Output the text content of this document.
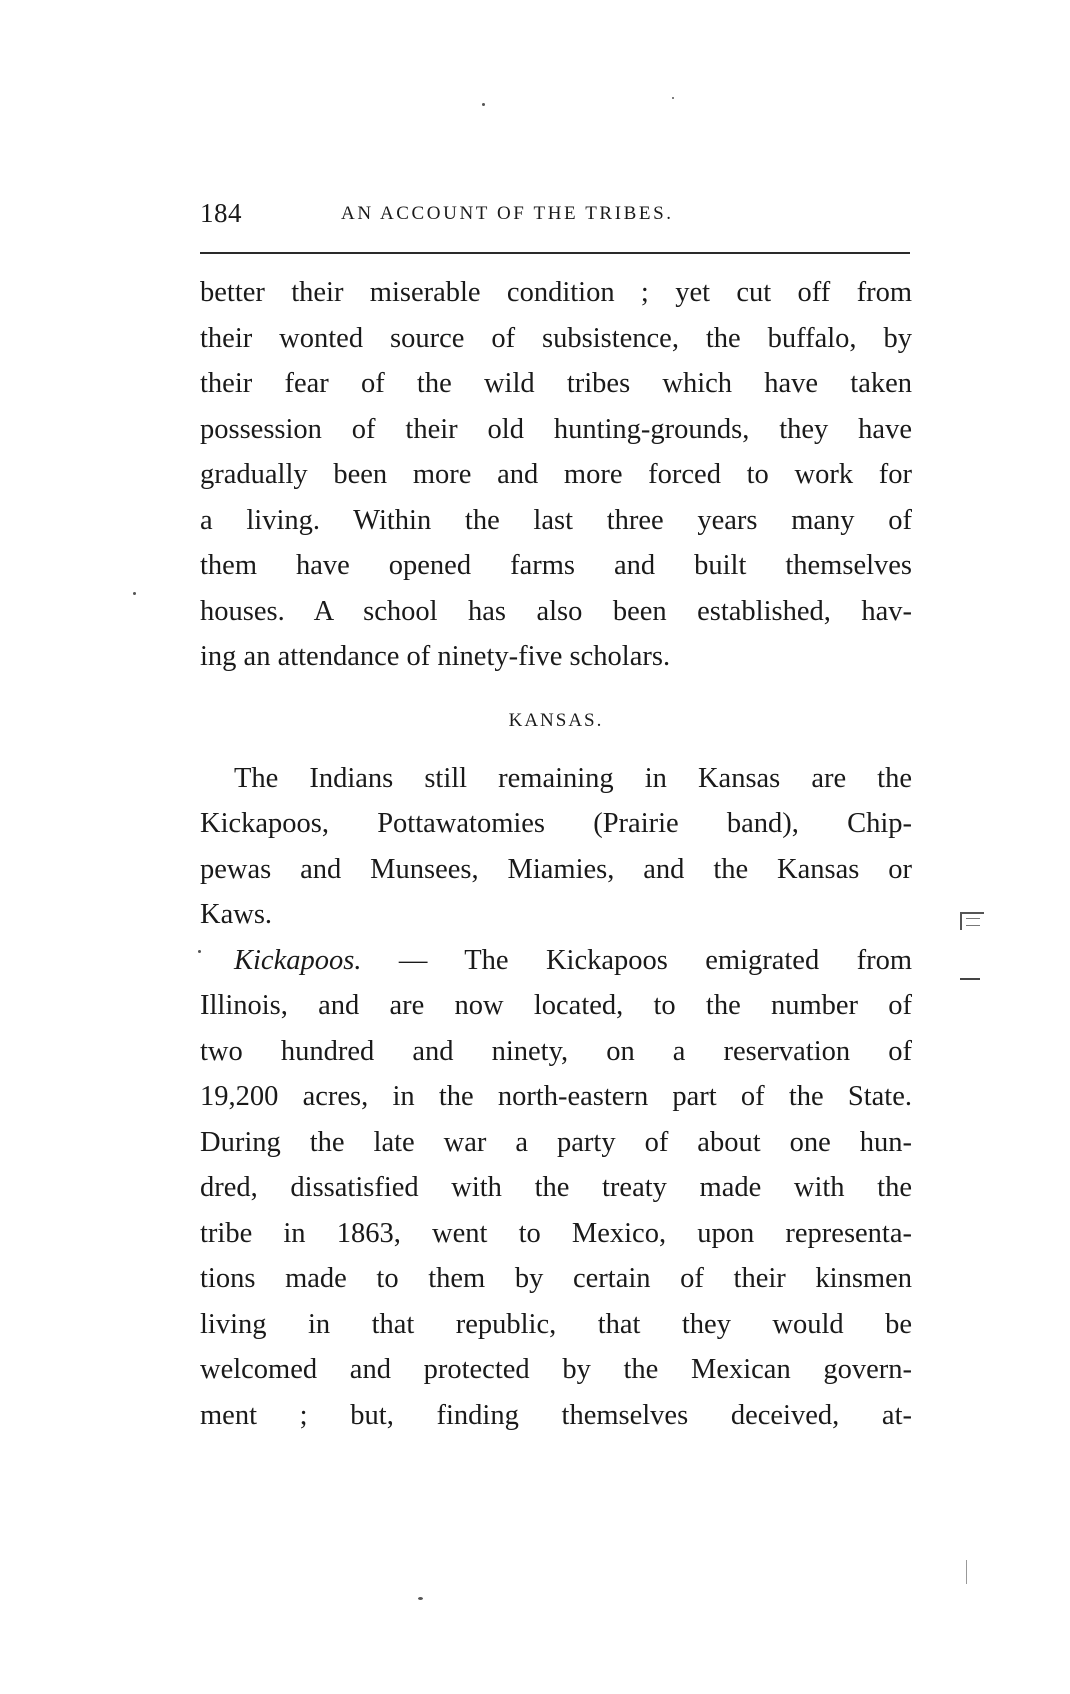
184	AN ACCOUNT OF THE TRIBES.
better their miserable condition ; yet cut off from
their wonted source of subsistence, the buffalo, by
their fear of the wild tribes which have taken
possession of their old hunting-grounds, they have
gradually been more and more forced to work for
a living. Within the last three years many of
them have opened farms and built themselves
houses. A school has also been established, hav-
ing an attendance of ninety-five scholars.
KANSAS.
The Indians still remaining in Kansas are the
Kickapoos, Pottawatomies (Prairie band), Chip-
pewas and Munsees, Miamies, and the Kansas or
Kaws.
Kickapoos. — The Kickapoos emigrated from
Illinois, and are now located, to the number of
two hundred and ninety, on a reservation of
19,200 acres, in the north-eastern part of the State.
During the late war a party of about one hun-
dred, dissatisfied with the treaty made with the
tribe in 1863, went to Mexico, upon representa-
tions made to them by certain of their kinsmen
living in that republic, that they would be
welcomed and protected by the Mexican govern-
ment ; but, finding themselves deceived, at-
